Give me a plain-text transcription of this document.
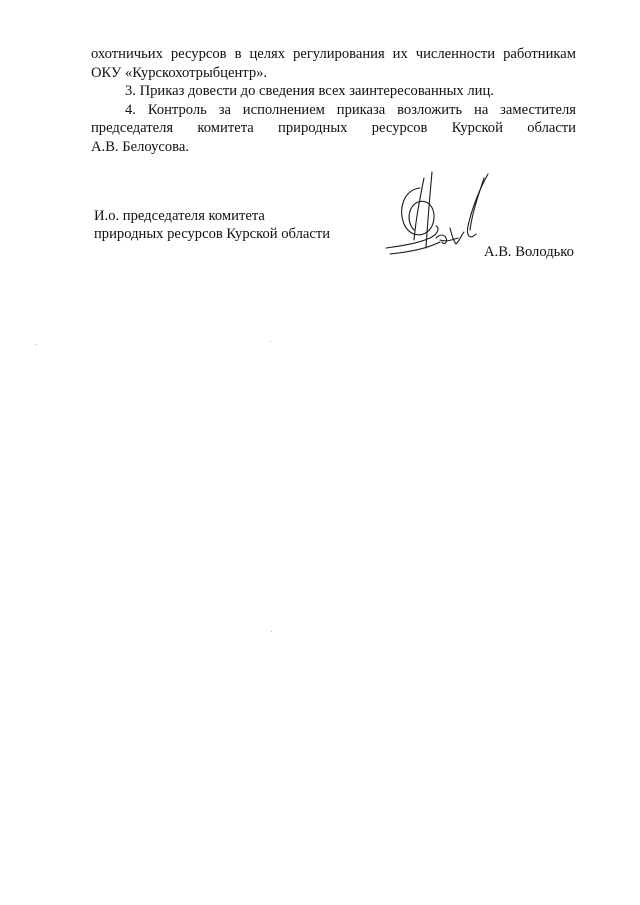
охотничьих ресурсов в целях регулирования их численности работникам
ОКУ «Курскохотрыбцентр».

3. Приказ довести до сведения всех заинтересованных лиц.

4. Контроль за исполнением приказа возложить на заместителя
председателя комитета природных ресурсов Курской области
А.В. Белоусова.

И.о. председателя комитета
природных ресурсов Курской области
А.В. Володько
